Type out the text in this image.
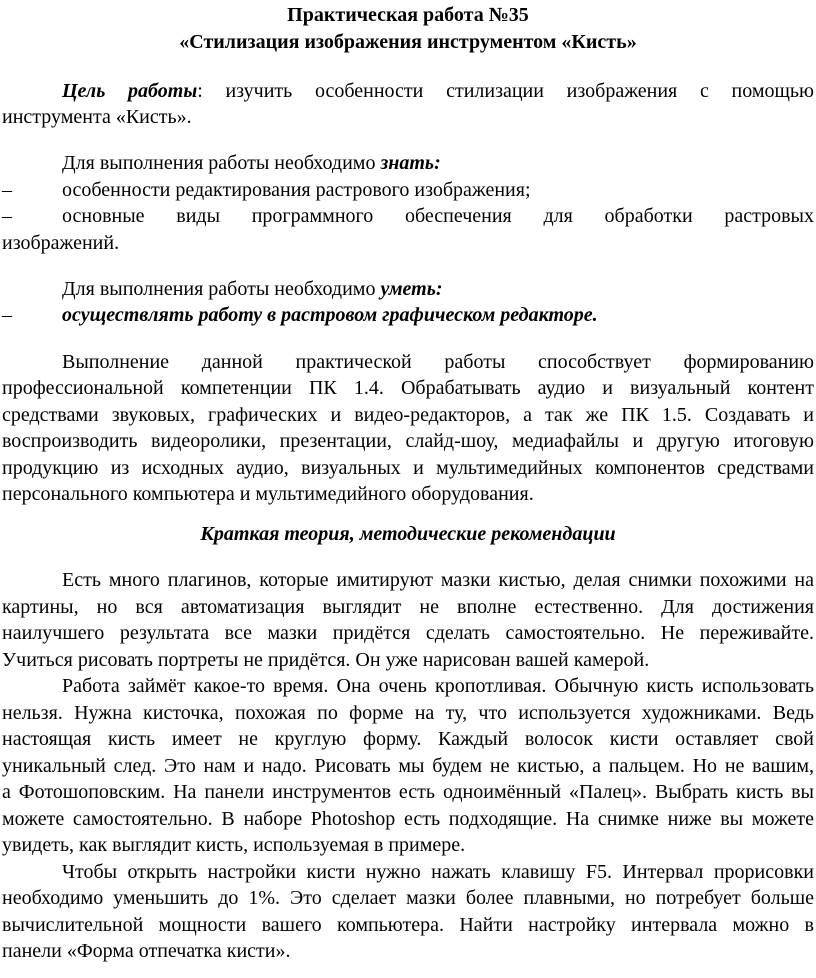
Практическая работа №35
«Стилизация изображения инструментом «Кисть»
Цель работы: изучить особенности стилизации изображения с помощью
инструмента «Кисть».
Для выполнения работы необходимо знать:
–	особенности редактирования растрового изображения;
–	основные виды программного обеспечения для обработки растровых
изображений.
Для выполнения работы необходимо уметь:
–	осуществлять работу в растровом графическом редакторе.
Выполнение данной практической работы способствует формированию
профессиональной компетенции ПК 1.4. Обрабатывать аудио и визуальный контент
средствами звуковых, графических и видео-редакторов, а так же ПК 1.5. Создавать и
воспроизводить видеоролики, презентации, слайд-шоу, медиафайлы и другую итоговую
продукцию из исходных аудио, визуальных и мультимедийных компонентов средствами
персонального компьютера и мультимедийного оборудования.
Краткая теория, методические рекомендации
Есть много плагинов, которые имитируют мазки кистью, делая снимки похожими на
картины, но вся автоматизация выглядит не вполне естественно. Для достижения
наилучшего результата все мазки придётся сделать самостоятельно. Не переживайте.
Учиться рисовать портреты не придётся. Он уже нарисован вашей камерой.
Работа займёт какое-то время. Она очень кропотливая. Обычную кисть использовать
нельзя. Нужна кисточка, похожая по форме на ту, что используется художниками. Ведь
настоящая кисть имеет не круглую форму. Каждый волосок кисти оставляет свой
уникальный след. Это нам и надо. Рисовать мы будем не кистью, а пальцем. Но не вашим,
а Фотошоповским. На панели инструментов есть одноимённый «Палец». Выбрать кисть вы
можете самостоятельно. В наборе Photoshop есть подходящие. На снимке ниже вы можете
увидеть, как выглядит кисть, используемая в примере.
Чтобы открыть настройки кисти нужно нажать клавишу F5. Интервал прорисовки
необходимо уменьшить до 1%. Это сделает мазки более плавными, но потребует больше
вычислительной мощности вашего компьютера. Найти настройку интервала можно в
панели «Форма отпечатка кисти».
